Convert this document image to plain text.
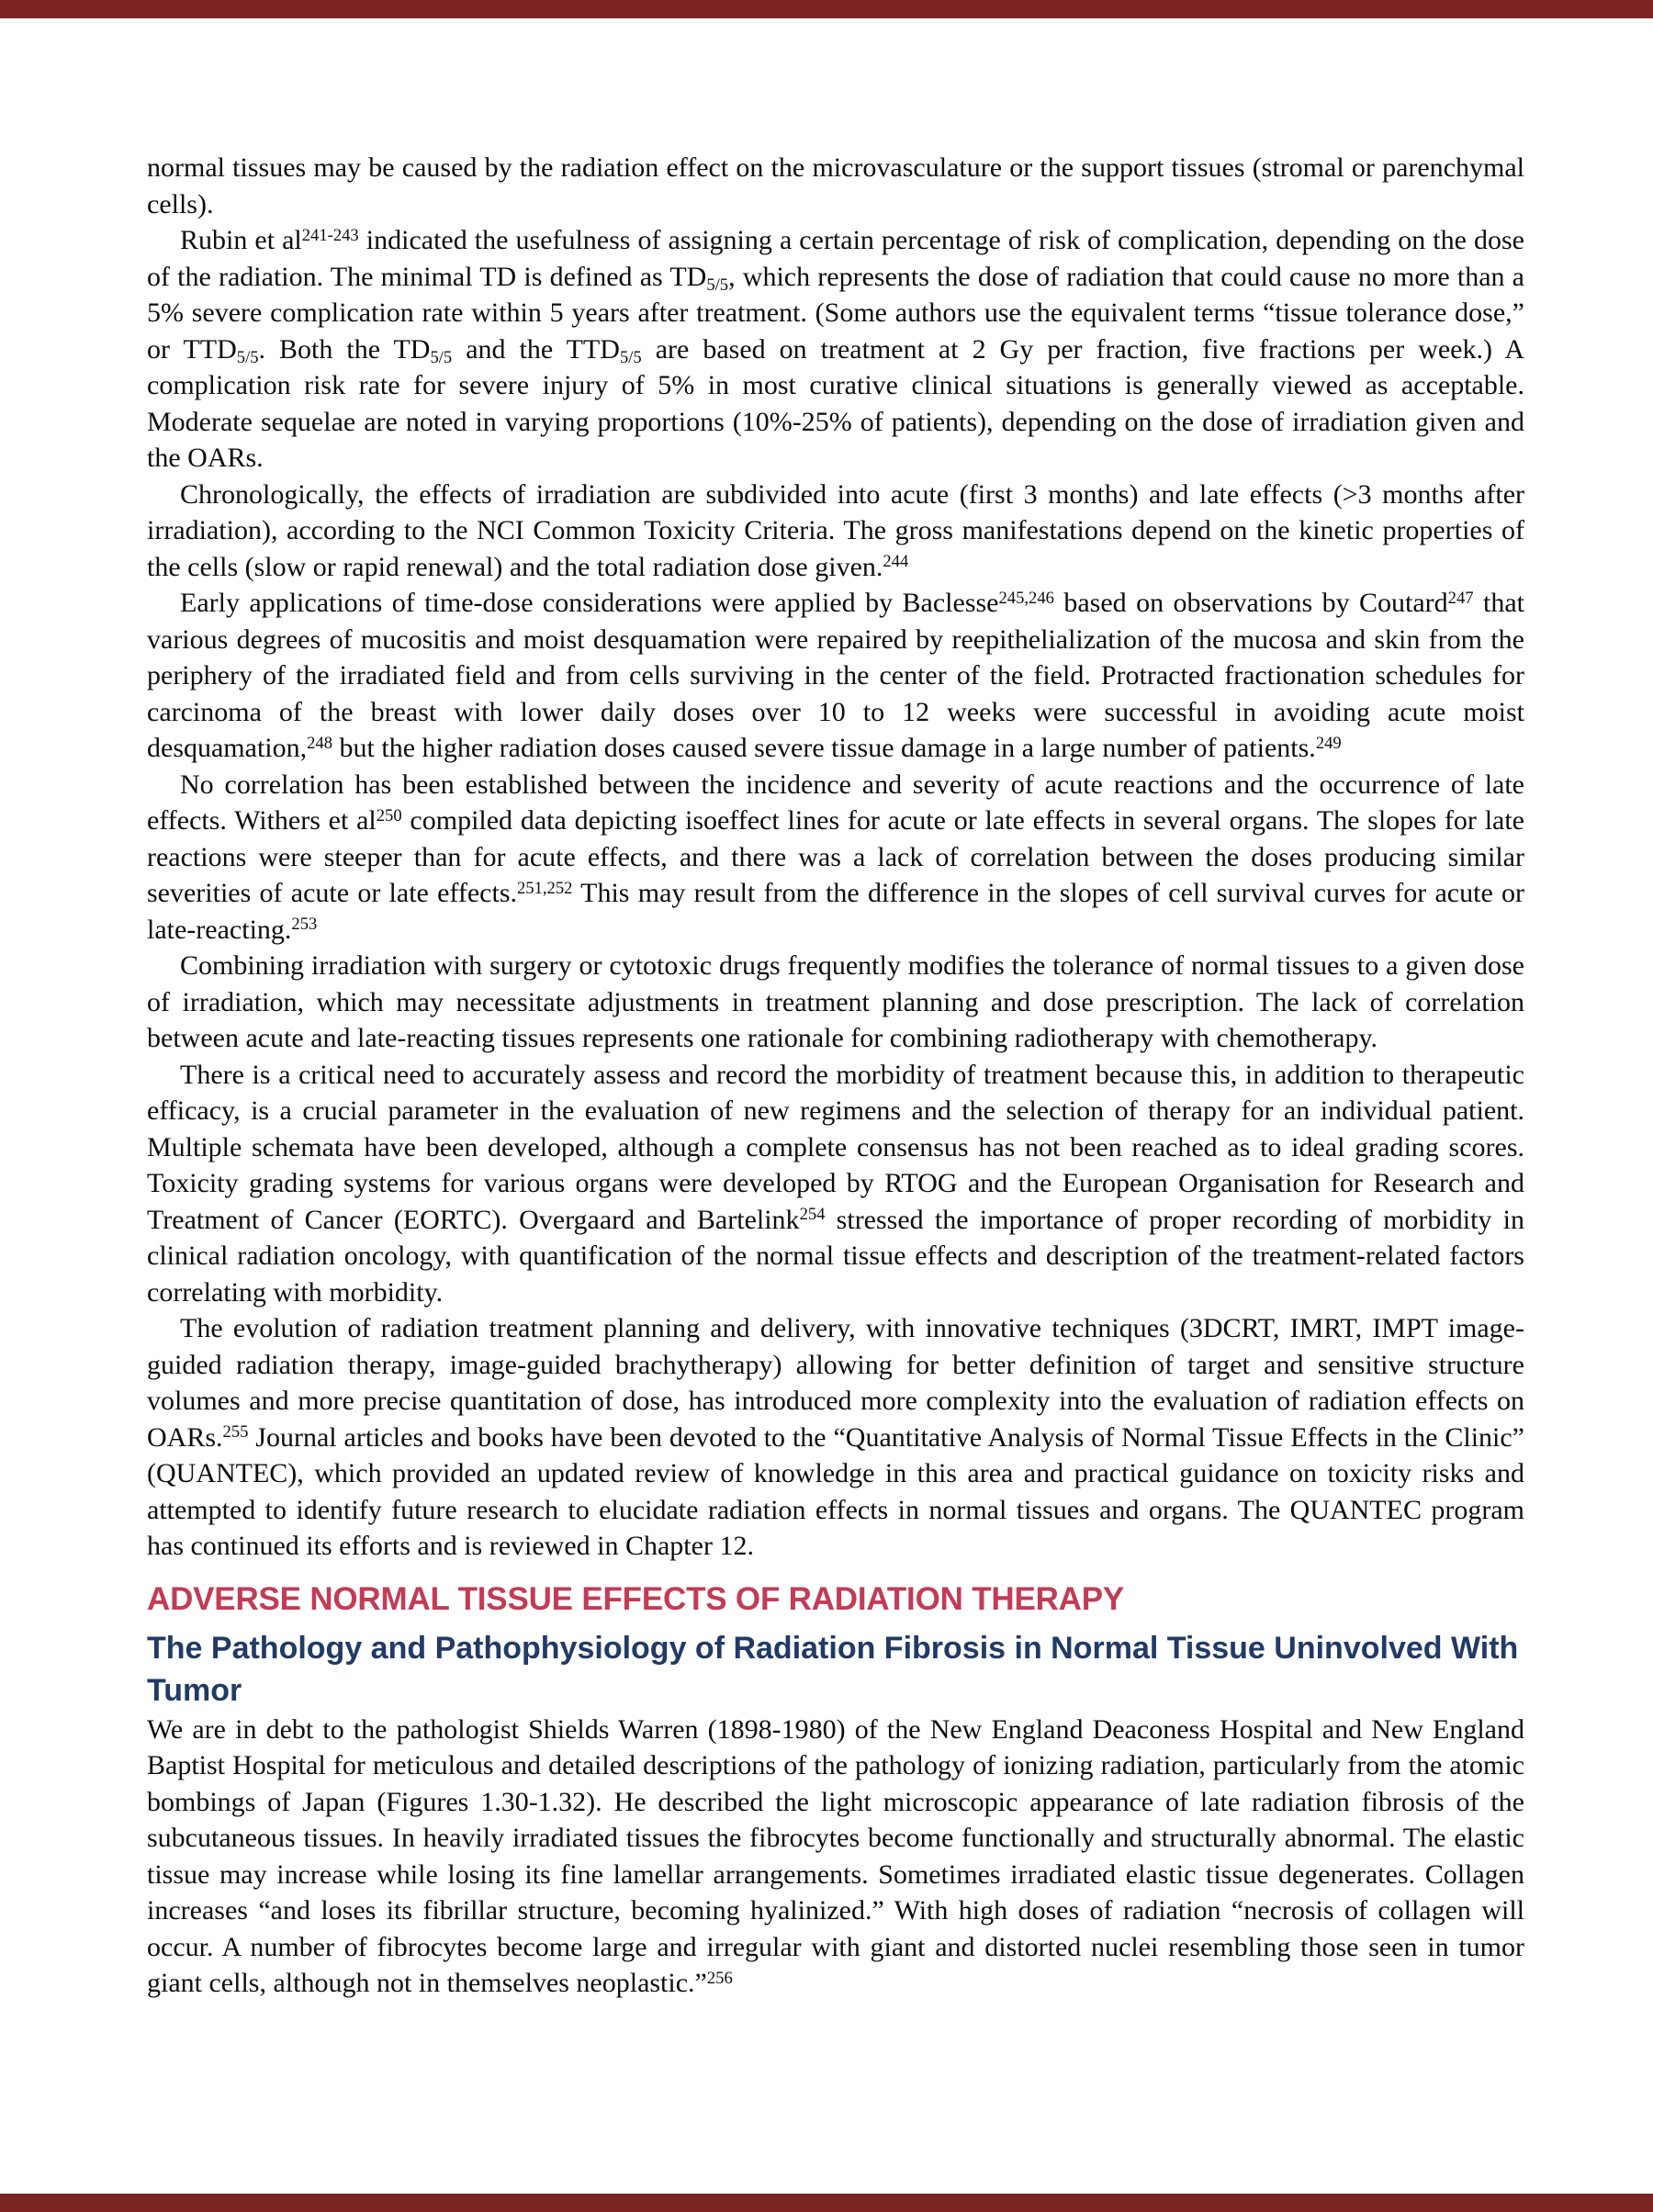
normal tissues may be caused by the radiation effect on the microvasculature or the support tissues (stromal or parenchymal cells).

Rubin et al$^{241-243}$ indicated the usefulness of assigning a certain percentage of risk of complication, depending on the dose of the radiation. The minimal TD is defined as $TD_{5/5}$, which represents the dose of radiation that could cause no more than a 5% severe complication rate within 5 years after treatment. (Some authors use the equivalent terms “tissue tolerance dose,” or $TTD_{5/5}$. Both the $TD_{5/5}$ and the $TTD_{5/5}$ are based on treatment at 2 Gy per fraction, five fractions per week.) A complication risk rate for severe injury of 5% in most curative clinical situations is generally viewed as acceptable. Moderate sequelae are noted in varying proportions (10%-25% of patients), depending on the dose of irradiation given and the OARs.

Chronologically, the effects of irradiation are subdivided into acute (first 3 months) and late effects (>3 months after irradiation), according to the NCI Common Toxicity Criteria. The gross manifestations depend on the kinetic properties of the cells (slow or rapid renewal) and the total radiation dose given.$^{244}$

Early applications of time-dose considerations were applied by Baclesse$^{245,246}$ based on observations by Coutard$^{247}$ that various degrees of mucositis and moist desquamation were repaired by reepithelialization of the mucosa and skin from the periphery of the irradiated field and from cells surviving in the center of the field. Protracted fractionation schedules for carcinoma of the breast with lower daily doses over 10 to 12 weeks were successful in avoiding acute moist desquamation,$^{248}$ but the higher radiation doses caused severe tissue damage in a large number of patients.$^{249}$

No correlation has been established between the incidence and severity of acute reactions and the occurrence of late effects. Withers et al$^{250}$ compiled data depicting isoeffect lines for acute or late effects in several organs. The slopes for late reactions were steeper than for acute effects, and there was a lack of correlation between the doses producing similar severities of acute or late effects.$^{251,252}$ This may result from the difference in the slopes of cell survival curves for acute or late-reacting.$^{253}$

Combining irradiation with surgery or cytotoxic drugs frequently modifies the tolerance of normal tissues to a given dose of irradiation, which may necessitate adjustments in treatment planning and dose prescription. The lack of correlation between acute and late-reacting tissues represents one rationale for combining radiotherapy with chemotherapy.

There is a critical need to accurately assess and record the morbidity of treatment because this, in addition to therapeutic efficacy, is a crucial parameter in the evaluation of new regimens and the selection of therapy for an individual patient. Multiple schemata have been developed, although a complete consensus has not been reached as to ideal grading scores. Toxicity grading systems for various organs were developed by RTOG and the European Organisation for Research and Treatment of Cancer (EORTC). Overgaard and Bartelink$^{254}$ stressed the importance of proper recording of morbidity in clinical radiation oncology, with quantification of the normal tissue effects and description of the treatment-related factors correlating with morbidity.

The evolution of radiation treatment planning and delivery, with innovative techniques (3DCRT, IMRT, IMPT image-guided radiation therapy, image-guided brachytherapy) allowing for better definition of target and sensitive structure volumes and more precise quantitation of dose, has introduced more complexity into the evaluation of radiation effects on OARs.$^{255}$ Journal articles and books have been devoted to the “Quantitative Analysis of Normal Tissue Effects in the Clinic” (QUANTEC), which provided an updated review of knowledge in this area and practical guidance on toxicity risks and attempted to identify future research to elucidate radiation effects in normal tissues and organs. The QUANTEC program has continued its efforts and is reviewed in Chapter 12.

ADVERSE NORMAL TISSUE EFFECTS OF RADIATION THERAPY
The Pathology and Pathophysiology of Radiation Fibrosis in Normal Tissue Uninvolved With Tumor

We are in debt to the pathologist Shields Warren (1898-1980) of the New England Deaconess Hospital and New England Baptist Hospital for meticulous and detailed descriptions of the pathology of ionizing radiation, particularly from the atomic bombings of Japan (Figures 1.30-1.32). He described the light microscopic appearance of late radiation fibrosis of the subcutaneous tissues. In heavily irradiated tissues the fibrocytes become functionally and structurally abnormal. The elastic tissue may increase while losing its fine lamellar arrangements. Sometimes irradiated elastic tissue degenerates. Collagen increases “and loses its fibrillar structure, becoming hyalinized.” With high doses of radiation “necrosis of collagen will occur. A number of fibrocytes become large and irregular with giant and distorted nuclei resembling those seen in tumor giant cells, although not in themselves neoplastic.”$^{256}$
